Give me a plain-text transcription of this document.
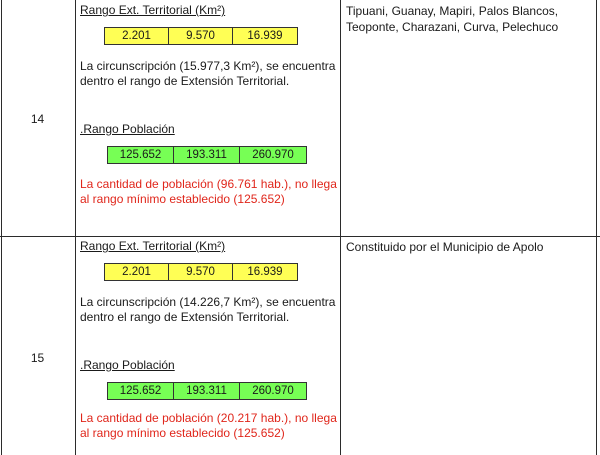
14
Rango Ext. Territorial (Km²)
2.201	9.570	16.939
La circunscripción (15.977,3 Km²), se encuentra dentro el rango de Extensión Territorial.
.Rango Población
125.652	193.311	260.970
La cantidad de población (96.761 hab.), no llega al rango mínimo establecido (125.652)
Tipuani, Guanay, Mapiri, Palos Blancos, Teoponte, Charazani, Curva, Pelechuco
15
Rango Ext. Territorial (Km²)
2.201	9.570	16.939
La circunscripción (14.226,7 Km²), se encuentra dentro el rango de Extensión Territorial.
.Rango Población
125.652	193.311	260.970
La cantidad de población (20.217 hab.), no llega al rango mínimo establecido (125.652)
Constituido por el Municipio de Apolo
